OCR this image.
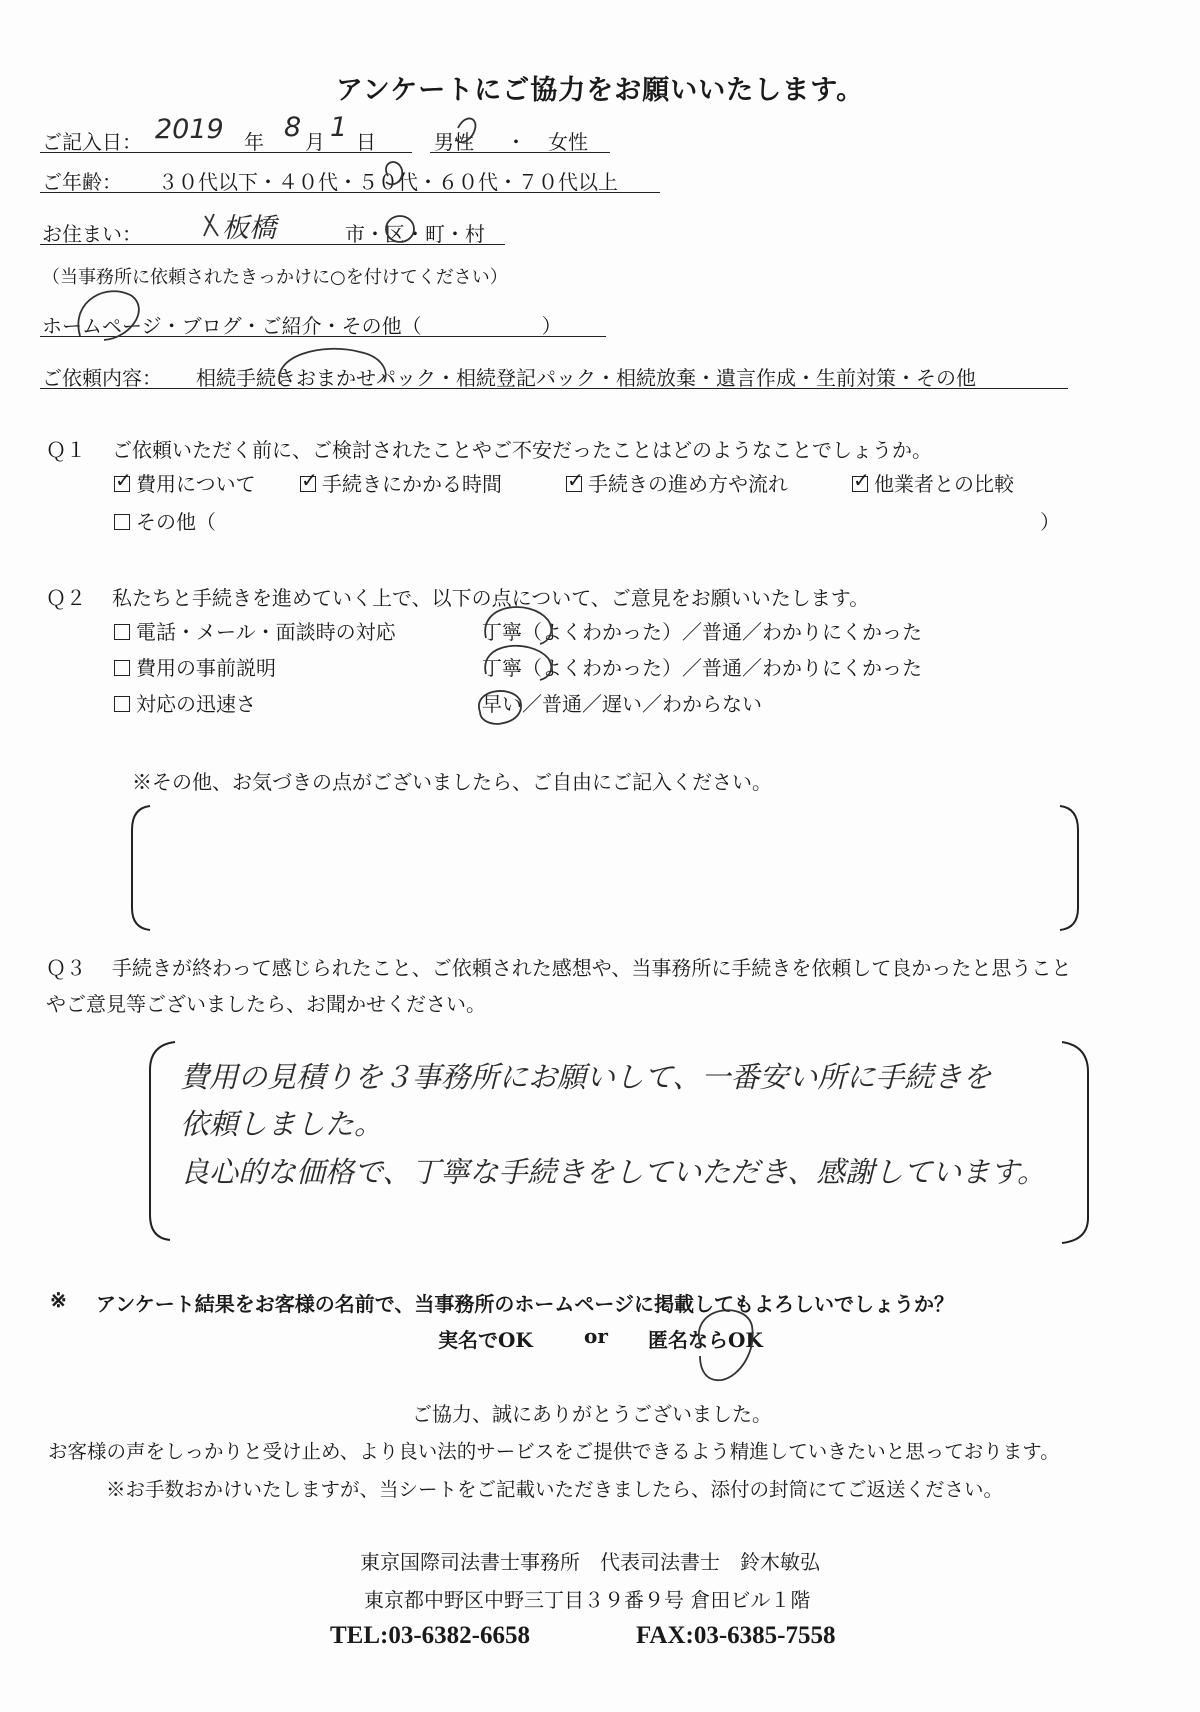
アンケートにご協力をお願いいたします。
ご記入日： 2019 年 8 月 1 日	男性 ・ 女性
ご年齢： ３０代以下・４０代・５０代・６０代・７０代以上
お住まい：	板橋	市・区・町・村
（当事務所に依頼されたきっかけに○を付けてください）
ホームページ・ブログ・ご紹介・その他（　　　　　　）
ご依頼内容： 相続手続きおまかせパック・相続登記パック・相続放棄・遺言作成・生前対策・その他
Ｑ１ ご依頼いただく前に、ご検討されたことやご不安だったことはどのようなことでしょうか。
✓費用について ✓	手続きにかかる時間 ✓	手続きの進め方や流れ ✓	他業者との比較
その他（	）
Ｑ２ 私たちと手続きを進めていく上で、以下の点について、ご意見をお願いいたします。
電話・メール・面談時の対応	丁寧（よくわかった）／普通／わかりにくかった
費用の事前説明	丁寧（よくわかった）／普通／わかりにくかった
対応の迅速さ	早い／普通／遅い／わからない
※その他、お気づきの点がございましたら、ご自由にご記入ください。
Ｑ３ 手続きが終わって感じられたこと、ご依頼された感想や、当事務所に手続きを依頼して良かったと思うこと
やご意見等ございましたら、お聞かせください。
費用の見積りを３事務所にお願いして、一番安い所に手続きを
依頼しました。
良心的な価格で、丁寧な手続きをしていただき、感謝しています。
※ アンケート結果をお客様の名前で、当事務所のホームページに掲載してもよろしいでしょうか？
実名でOK	or 匿名ならOK
ご協力、誠にありがとうございました。
お客様の声をしっかりと受け止め、より良い法的サービスをご提供できるよう精進していきたいと思っております。
※お手数おかけいたしますが、当シートをご記載いただきましたら、添付の封筒にてご返送ください。
東京国際司法書士事務所　代表司法書士　鈴木敏弘
東京都中野区中野三丁目３９番９号 倉田ビル１階
TEL:03-6382-6658	FAX:03-6385-7558
